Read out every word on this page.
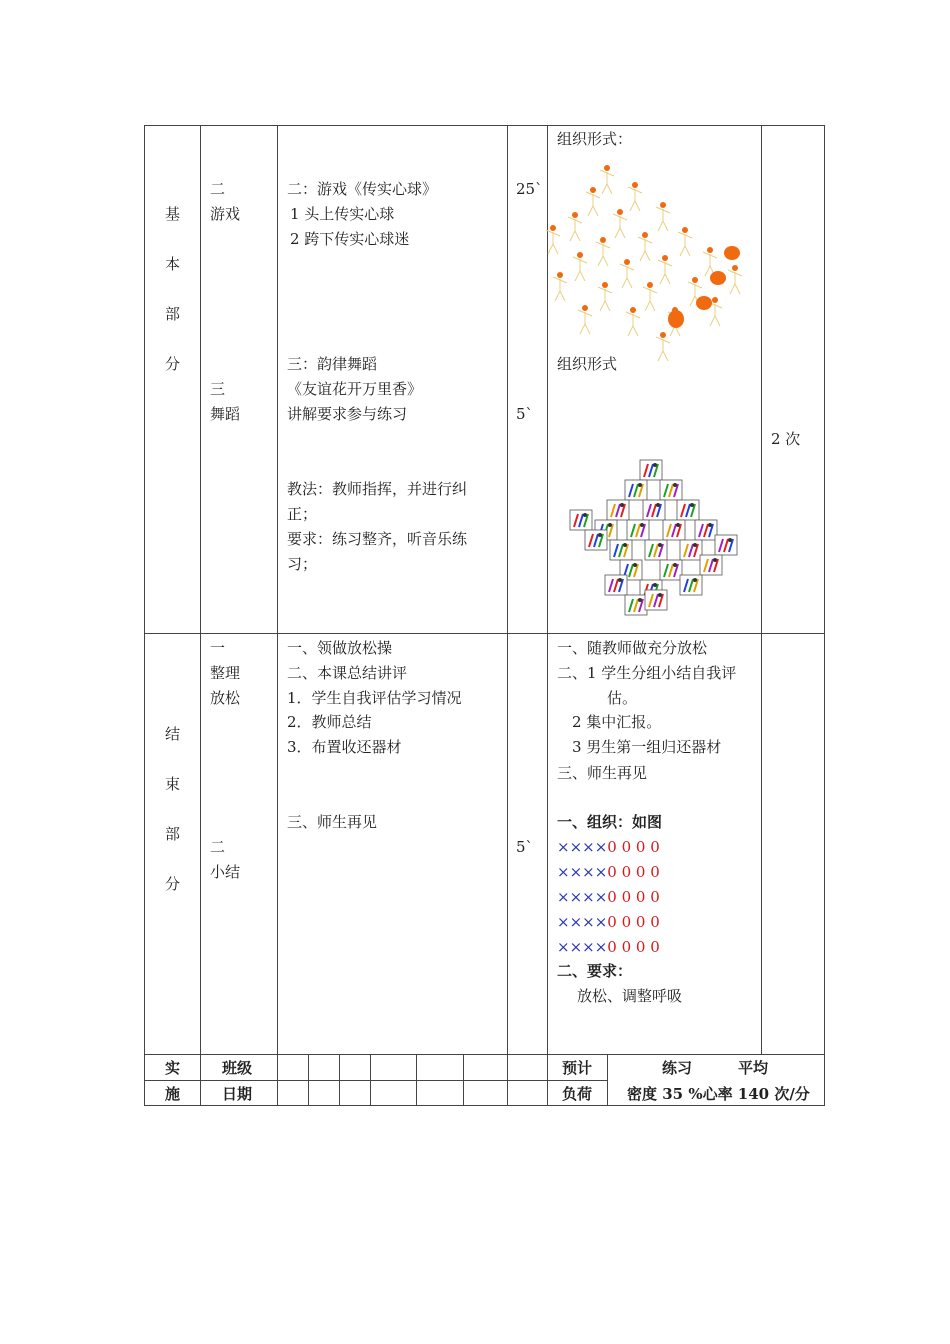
基
本
部
分
二
游戏
三
舞蹈
二：游戏《传实心球》
1 头上传实心球
2 跨下传实心球迷
25`
三：韵律舞蹈
《友谊花开万里香》
讲解要求参与练习	5`
教法：教师指挥，并进行纠
正；
要求：练习整齐，听音乐练
习；
组织形式：
组织形式
2 次
结
束
部
分
一
整理
放松
二
小结
一、领做放松操
二、本课总结讲评
1．学生自我评估学习情况
2．教师总结
3．布置收还器材
三、师生再见
5`
一、随教师做充分放松
二、1 学生分组小结自我评
估。
2 集中汇报。
3 男生第一组归还器材
三、师生再见
一、组织：如图
××××0 0 0 0
××××0 0 0 0
××××0 0 0 0
××××0 0 0 0
××××0 0 0 0
二、要求：
放松、调整呼吸
实
施
班级
日期
预计
负荷
练习	平均
密度 35 %心率 140 次/分
